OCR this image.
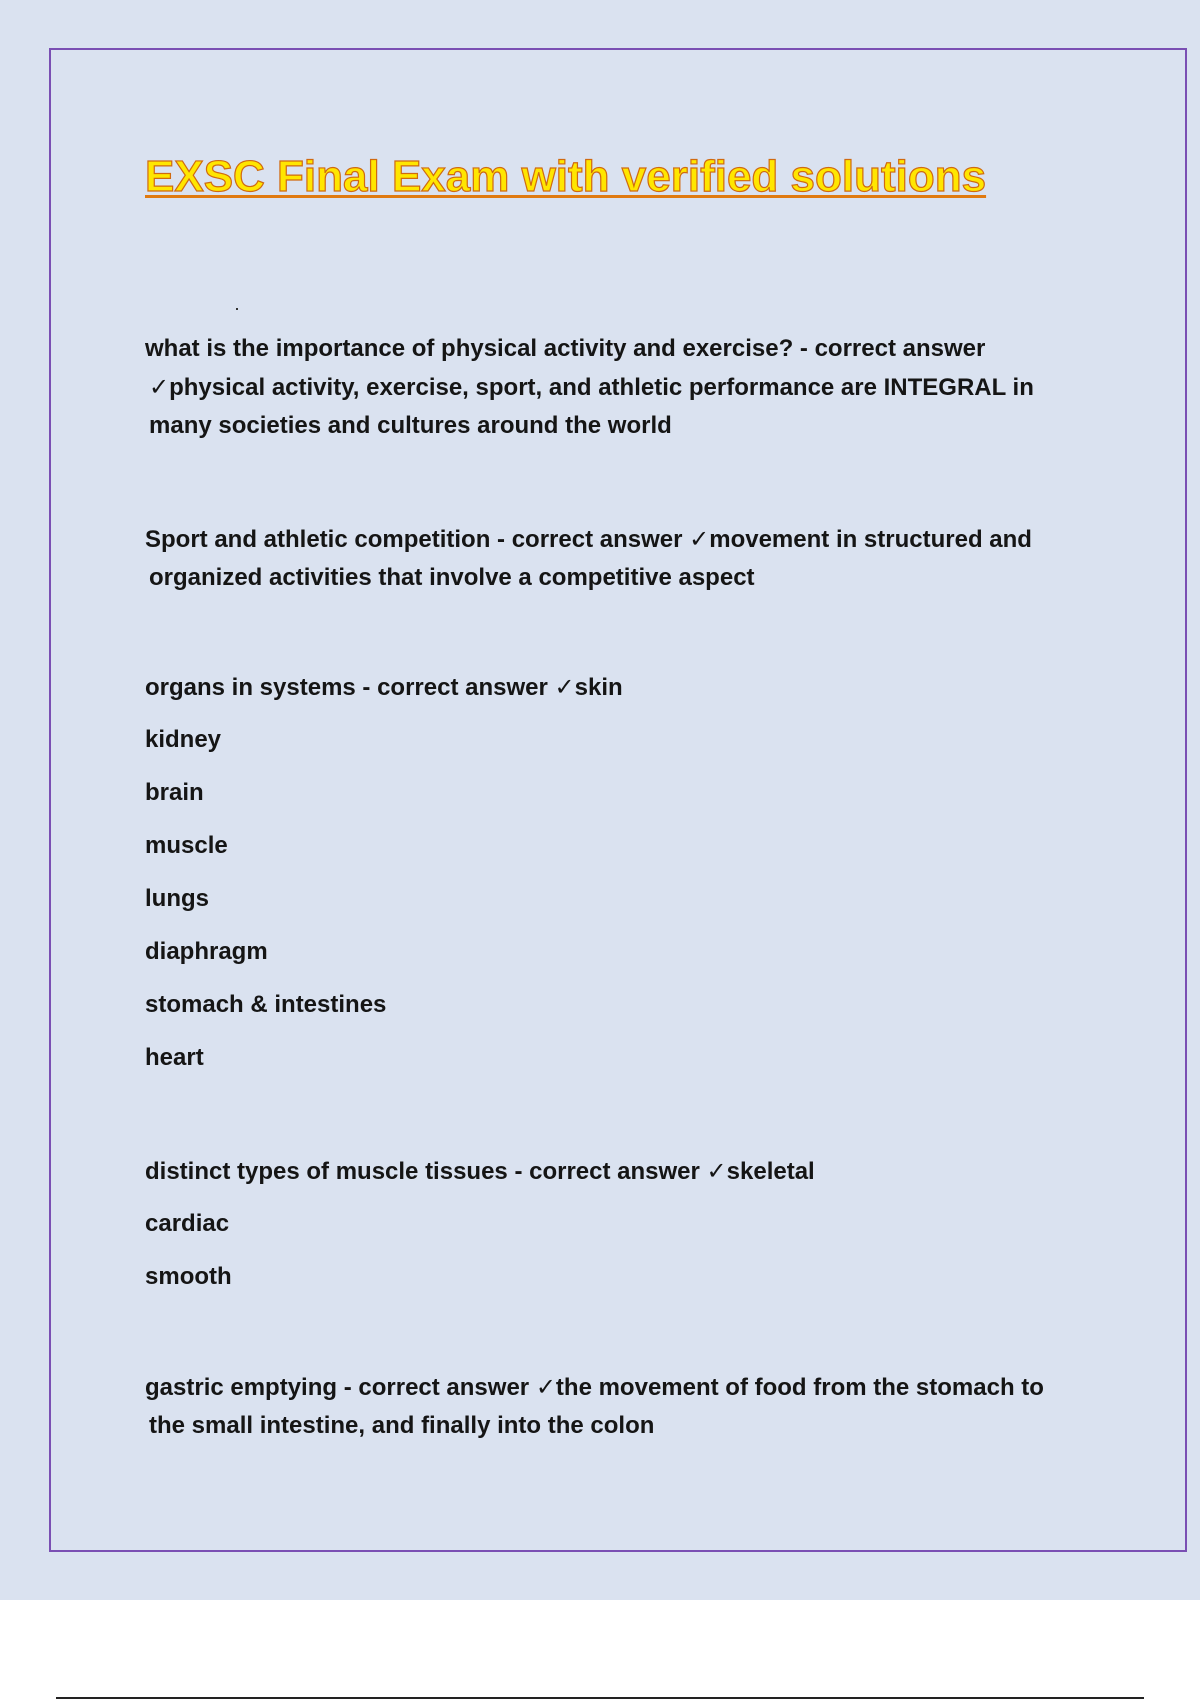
EXSC Final Exam with verified solutions
what is the importance of physical activity and exercise? - correct answer
✓physical activity, exercise, sport, and athletic performance are INTEGRAL in
many societies and cultures around the world
Sport and athletic competition - correct answer ✓movement in structured and
organized activities that involve a competitive aspect
organs in systems - correct answer ✓skin
kidney
brain
muscle
lungs
diaphragm
stomach & intestines
heart
distinct types of muscle tissues - correct answer ✓skeletal
cardiac
smooth
gastric emptying - correct answer ✓the movement of food from the stomach to
the small intestine, and finally into the colon
